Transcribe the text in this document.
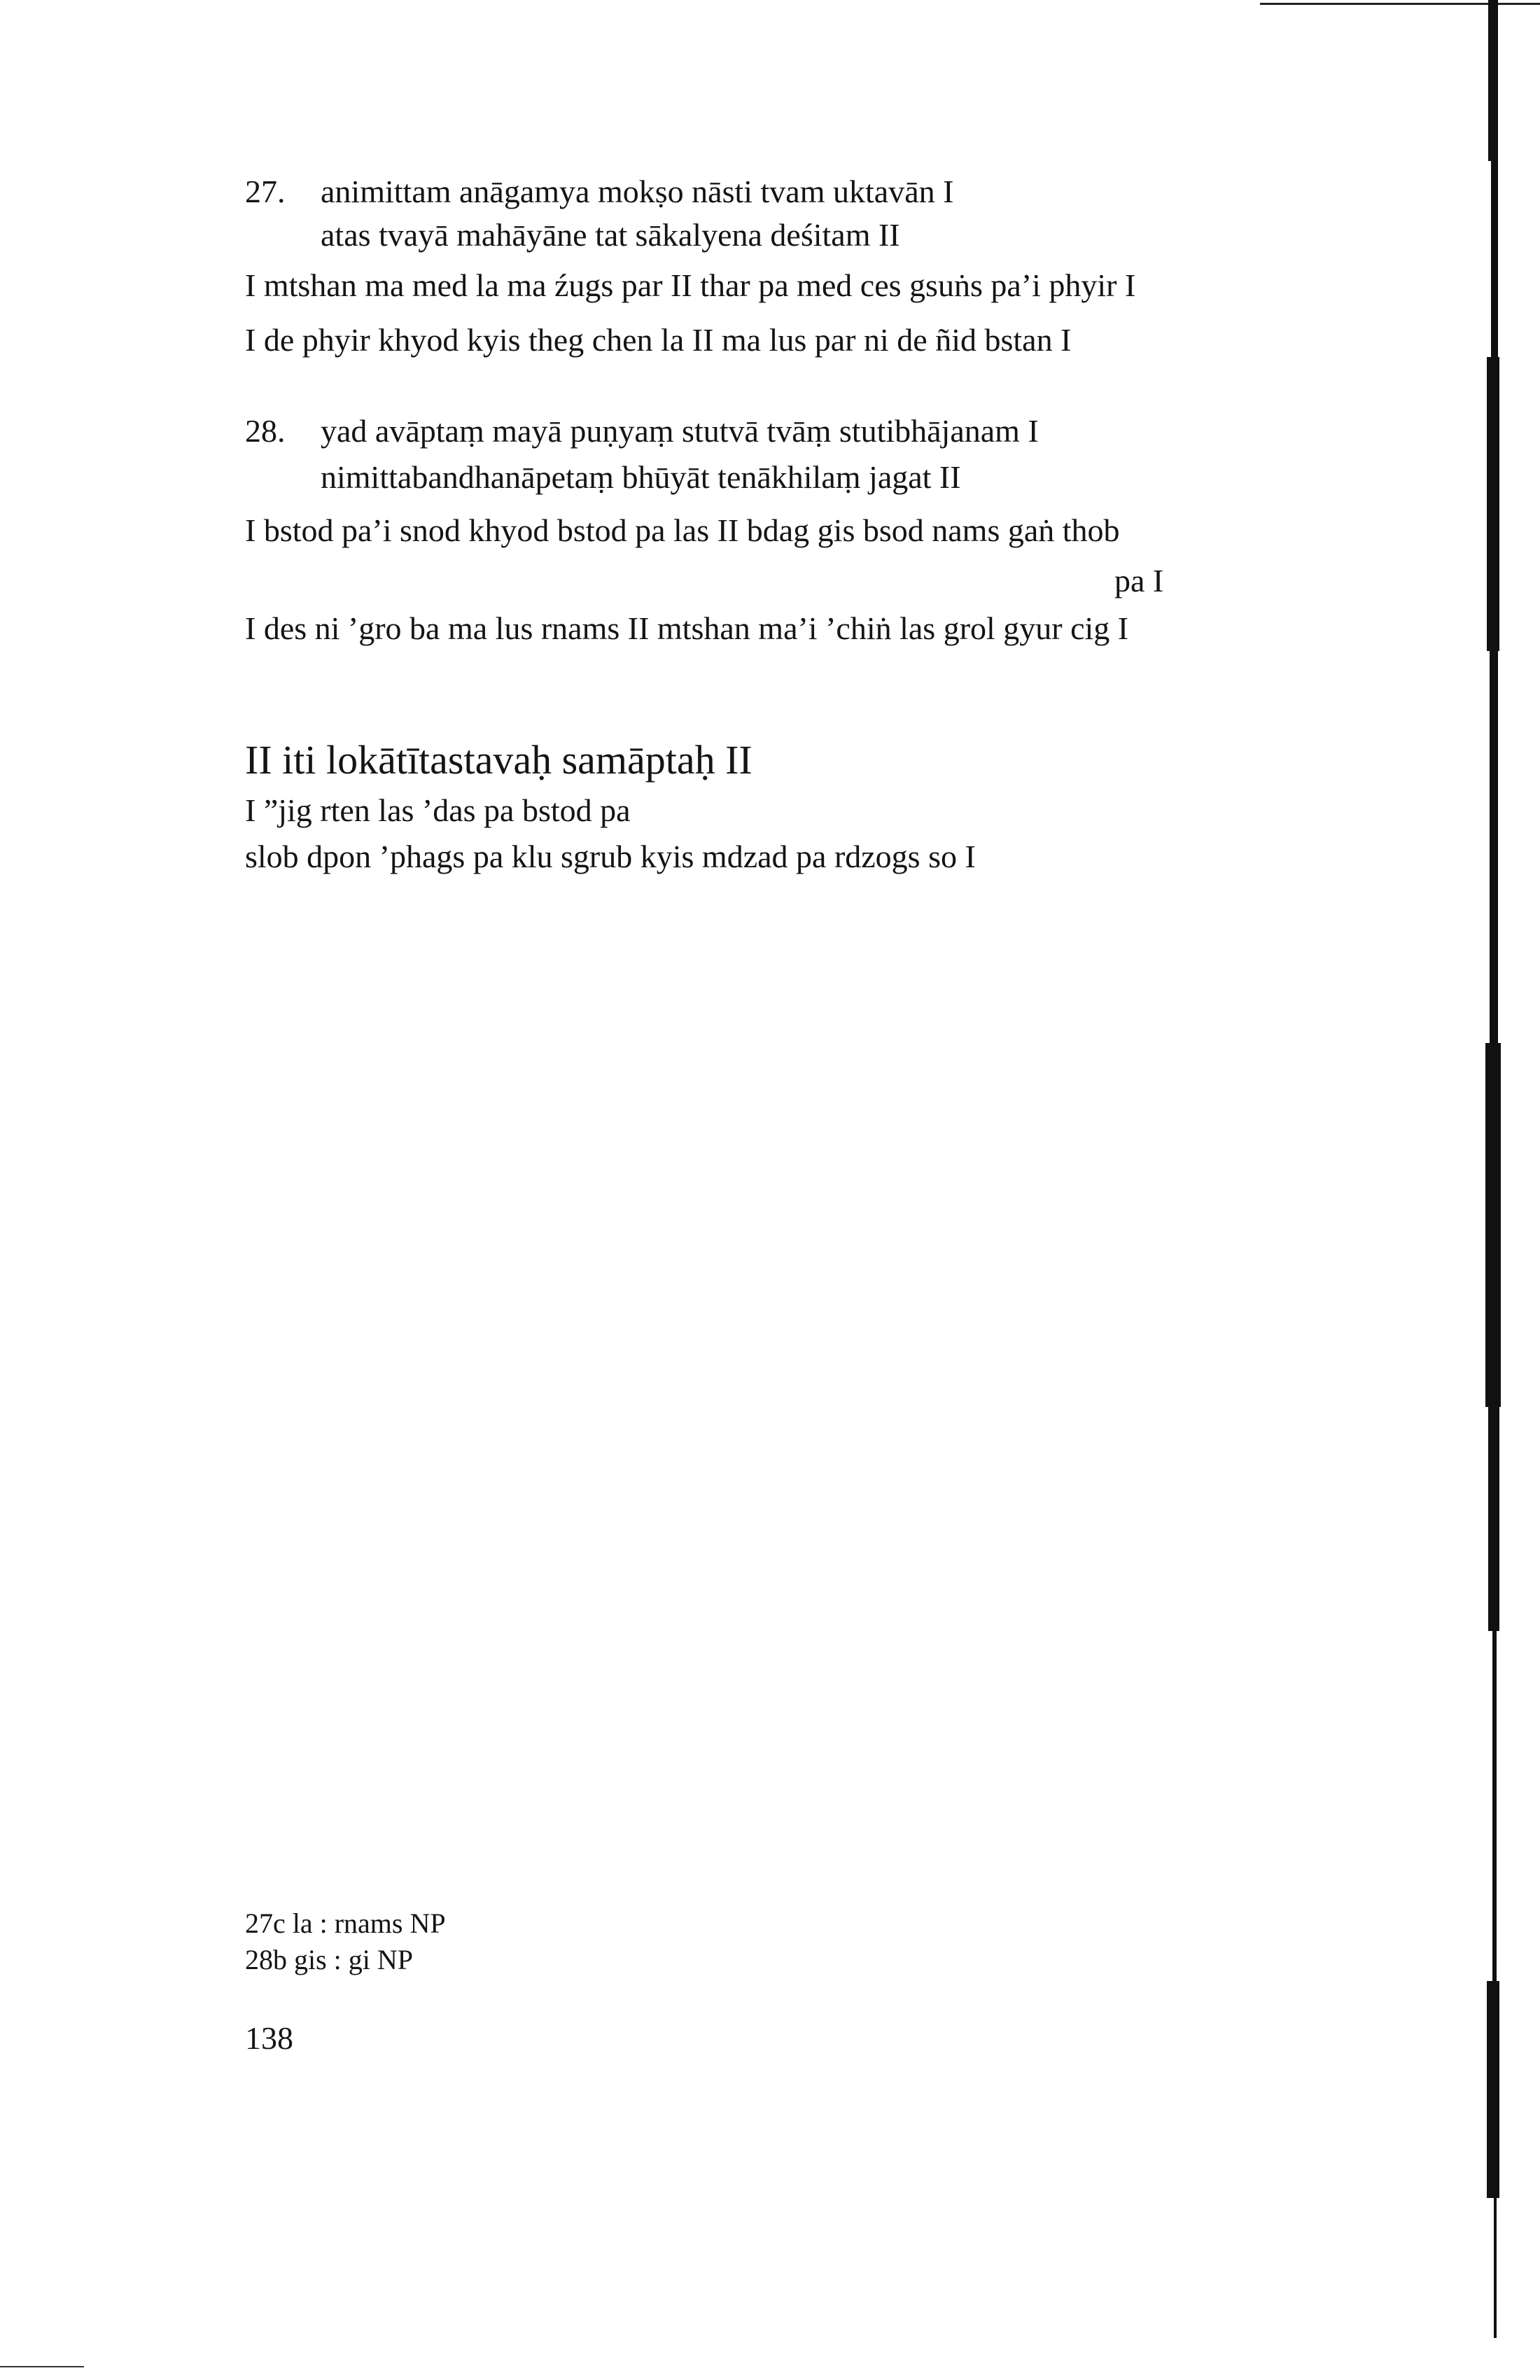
27. animittam anāgamya mokṣo nāsti tvam uktavān I
atas tvayā mahāyāne tat sākalyena deśitam II
I mtshan ma med la ma źugs par II thar pa med ces gsuṅs pa’i phyir I
I de phyir khyod kyis theg chen la II ma lus par ni de ñid bstan I
28. yad avāptaṃ mayā puṇyaṃ stutvā tvāṃ stutibhājanam I
nimittabandhanāpetaṃ bhūyāt tenākhilaṃ jagat II
I bstod pa’i snod khyod bstod pa las II bdag gis bsod nams gaṅ thob
pa I
I des ni ’gro ba ma lus rnams II mtshan ma’i ’chiṅ las grol gyur cig I
II iti lokātītastavaḥ samāptaḥ II
I ”jig rten las ’das pa bstod pa
slob dpon ’phags pa klu sgrub kyis mdzad pa rdzogs so I
27c la : rnams NP
28b gis : gi NP
138
